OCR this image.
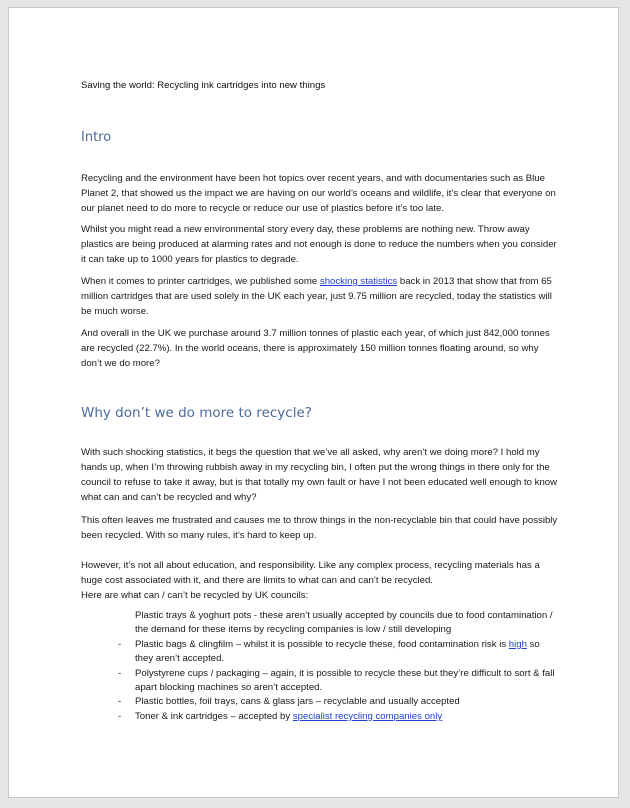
Saving the world: Recycling ink cartridges into new things
Intro

Recycling and the environment have been hot topics over recent years, and with documentaries such as Blue Planet 2, that showed us the impact we are having on our world’s oceans and wildlife, it’s clear that everyone on our planet need to do more to recycle or reduce our use of plastics before it’s too late.

Whilst you might read a new environmental story every day, these problems are nothing new. Throw away plastics are being produced at alarming rates and not enough is done to reduce the numbers when you consider it can take up to 1000 years for plastics to degrade.

When it comes to printer cartridges, we published some shocking statistics back in 2013 that show that from 65 million cartridges that are used solely in the UK each year, just 9.75 million are recycled, today the statistics will be much worse.

And overall in the UK we purchase around 3.7 million tonnes of plastic each year, of which just 842,000 tonnes are recycled (22.7%). In the world oceans, there is approximately 150 million tonnes floating around, so why don’t we do more?

Why don’t we do more to recycle?

With such shocking statistics, it begs the question that we’ve all asked, why aren’t we doing more? I hold my hands up, when I’m throwing rubbish away in my recycling bin, I often put the wrong things in there only for the council to refuse to take it away, but is that totally my own fault or have I not been educated well enough to know what can and can’t be recycled and why?

This often leaves me frustrated and causes me to throw things in the non-recyclable bin that could have possibly been recycled. With so many rules, it’s hard to keep up.

However, it’s not all about education, and responsibility. Like any complex process, recycling materials has a huge cost associated with it, and there are limits to what can and can’t be recycled.

Here are what can / can’t be recycled by UK councils:

Plastic trays & yoghurt pots - these aren’t usually accepted by councils due to food contamination / the demand for these items by recycling companies is low / still developing
- Plastic bags & clingfilm – whilst it is possible to recycle these, food contamination risk is high so they aren’t accepted.
- Polystyrene cups / packaging – again, it is possible to recycle these but they’re difficult to sort & fall apart blocking machines so aren’t accepted.
- Plastic bottles, foil trays, cans & glass jars – recyclable and usually accepted
- Toner & ink cartridges – accepted by specialist recycling companies only
